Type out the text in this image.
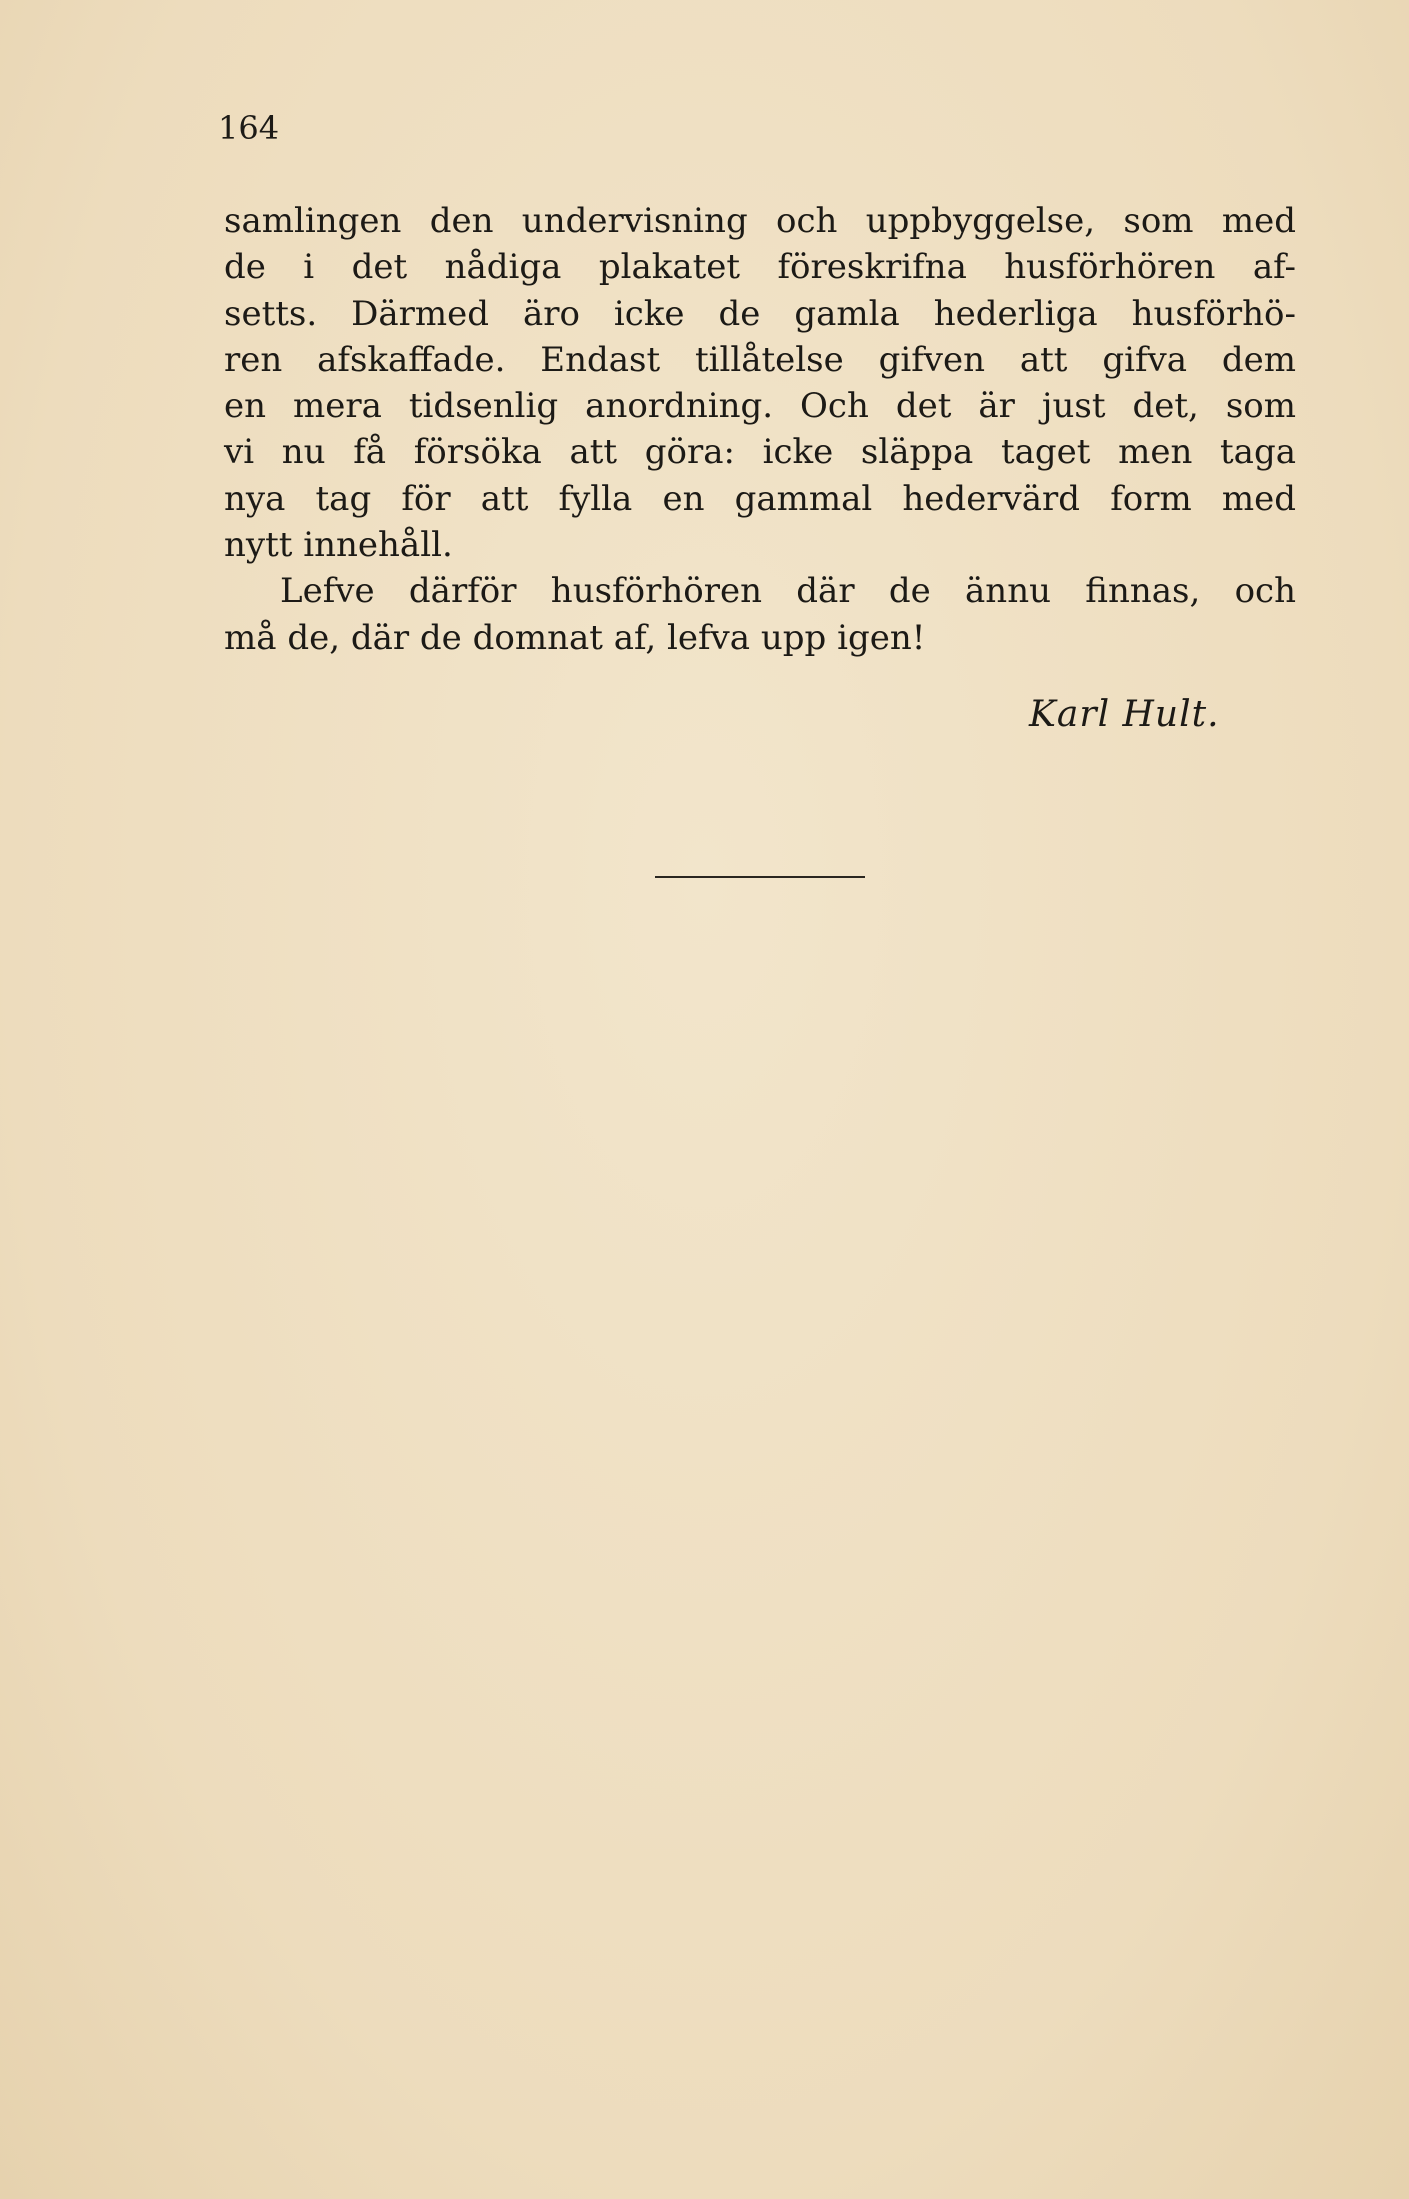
164
samlingen den undervisning och uppbyggelse, som med
de i det nådiga plakatet föreskrifna husförhören af-
setts. Därmed äro icke de gamla hederliga husförhö-
ren afskaffade. Endast tillåtelse gifven att gifva dem
en mera tidsenlig anordning. Och det är just det, som
vi nu få försöka att göra: icke släppa taget men taga
nya tag för att fylla en gammal hedervärd form med
nytt innehåll.
Lefve därför husförhören där de ännu finnas, och
må de, där de domnat af, lefva upp igen!
Karl Hult.
